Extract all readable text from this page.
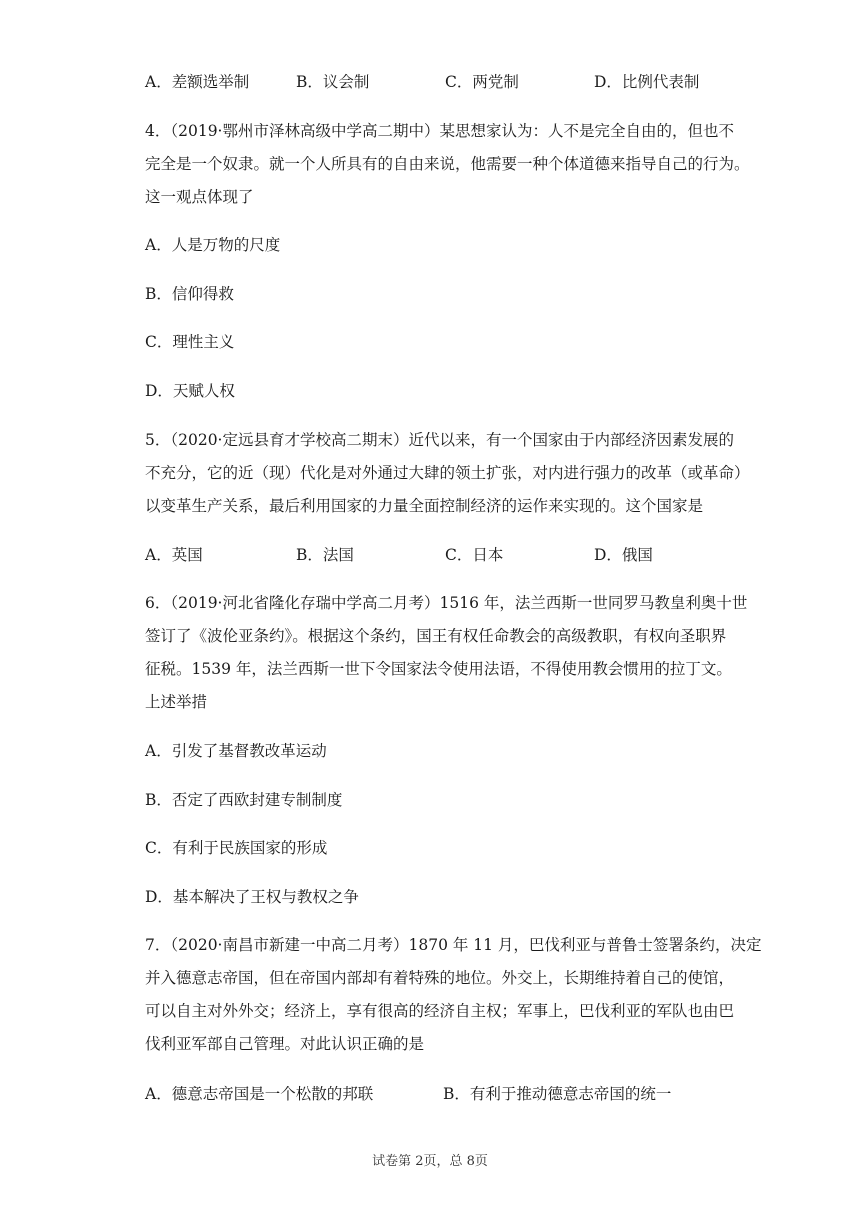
A．差额选举制	B．议会制	C．两党制	D．比例代表制
4．（2019·鄂州市泽林高级中学高二期中）某思想家认为：人不是完全自由的，但也不
完全是一个奴隶。就一个人所具有的自由来说，他需要一种个体道德来指导自己的行为。
这一观点体现了
A．人是万物的尺度
B．信仰得救
C．理性主义
D．天赋人权
5．（2020·定远县育才学校高二期末）近代以来，有一个国家由于内部经济因素发展的
不充分，它的近（现）代化是对外通过大肆的领土扩张，对内进行强力的改革（或革命）
以变革生产关系，最后利用国家的力量全面控制经济的运作来实现的。这个国家是
A．英国	B．法国	C．日本	D．俄国
6．（2019·河北省隆化存瑞中学高二月考）1516 年，法兰西斯一世同罗马教皇利奥十世
签订了《波伦亚条约》。根据这个条约，国王有权任命教会的高级教职，有权向圣职界
征税。1539 年，法兰西斯一世下令国家法令使用法语，不得使用教会惯用的拉丁文。
上述举措
A．引发了基督教改革运动
B．否定了西欧封建专制制度
C．有利于民族国家的形成
D．基本解决了王权与教权之争
7．（2020·南昌市新建一中高二月考）1870 年 11 月，巴伐利亚与普鲁士签署条约，决定
并入德意志帝国，但在帝国内部却有着特殊的地位。外交上，长期维持着自己的使馆，
可以自主对外外交；经济上，享有很高的经济自主权；军事上，巴伐利亚的军队也由巴
伐利亚军部自己管理。对此认识正确的是
A．德意志帝国是一个松散的邦联	B．有利于推动德意志帝国的统一
试卷第 2页，总 8页
